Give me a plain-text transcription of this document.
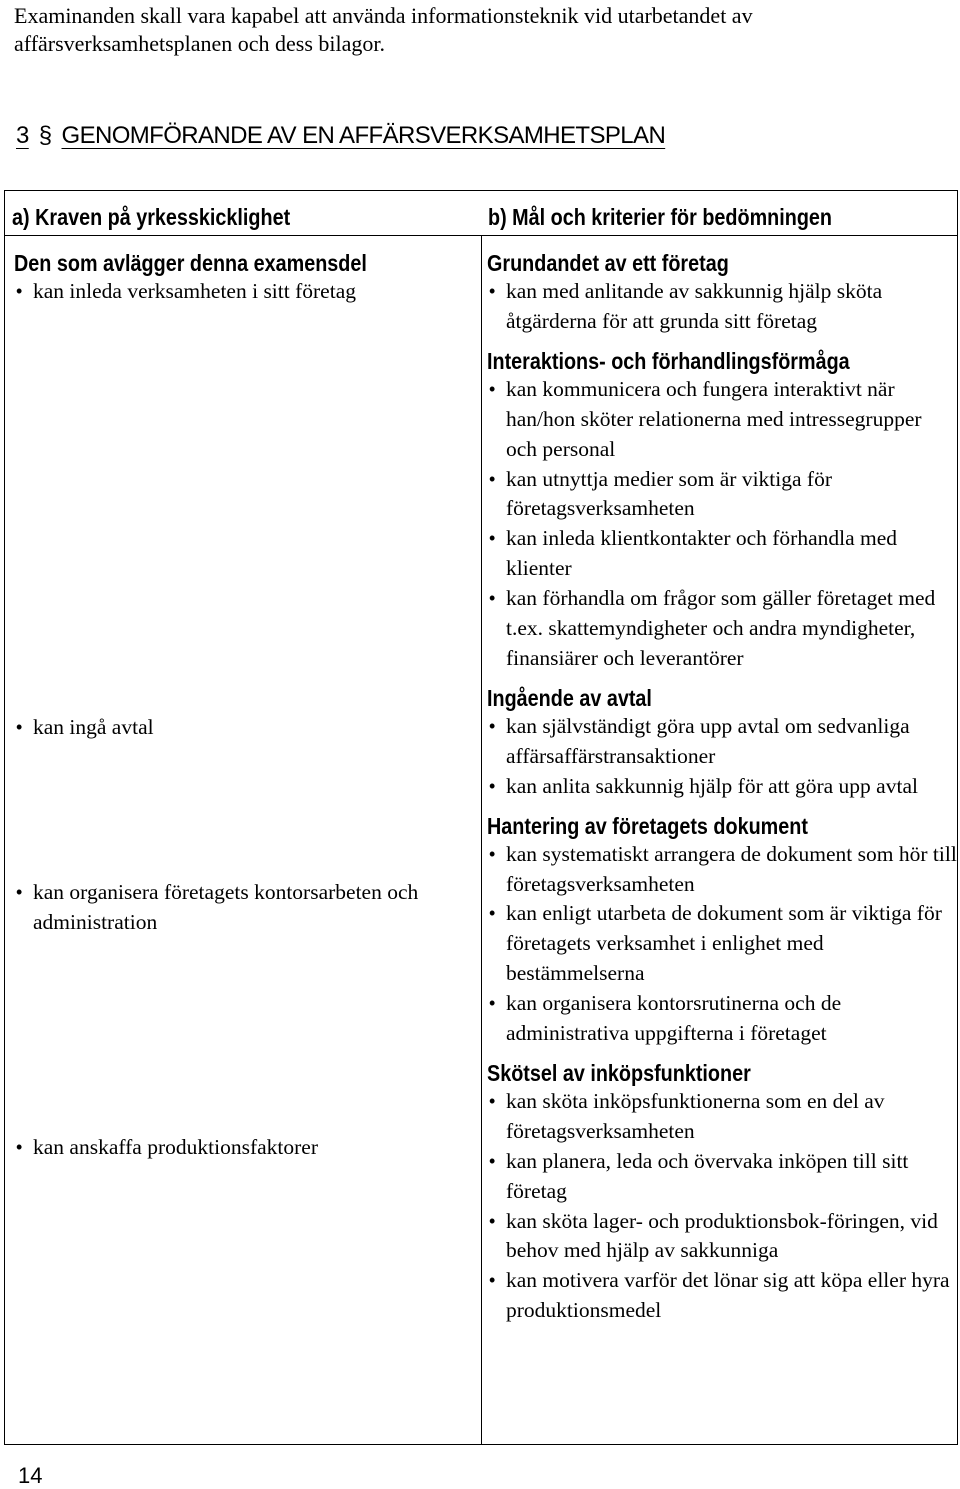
Examinanden skall vara kapabel att använda informationsteknik vid utarbetandet av affärsverksamhetsplanen och dess bilagor.
3 § GENOMFÖRANDE AV EN AFFÄRSVERKSAMHETSPLAN
a) Kraven på yrkesskicklighet	b) Mål och kriterier för bedömningen
Den som avlägger denna examensdel
• kan inleda verksamheten i sitt företag
• kan ingå avtal
• kan organisera företagets kontorsarbeten och administration
• kan anskaffa produktionsfaktorer
Grundandet av ett företag
• kan med anlitande av sakkunnig hjälp sköta åtgärderna för att grunda sitt företag
Interaktions- och förhandlingsförmåga
• kan kommunicera och fungera interaktivt när han/hon sköter relationerna med intressegrupper och personal
• kan utnyttja medier som är viktiga för företagsverksamheten
• kan inleda klientkontakter och förhandla med klienter
• kan förhandla om frågor som gäller företaget med t.ex. skattemyndigheter och andra myndigheter, finansiärer och leverantörer
Ingående av avtal
• kan självständigt göra upp avtal om sedvanliga affärsaffärstransaktioner
• kan anlita sakkunnig hjälp för att göra upp avtal
Hantering av företagets dokument
• kan systematiskt arrangera de dokument som hör till företagsverksamheten
• kan enligt utarbeta de dokument som är viktiga för företagets verksamhet i enlighet med bestämmelserna
• kan organisera kontorsrutinerna och de administrativa uppgifterna i företaget
Skötsel av inköpsfunktioner
• kan sköta inköpsfunktionerna som en del av företagsverksamheten
• kan planera, leda och övervaka inköpen till sitt företag
• kan sköta lager- och produktionsbok-föringen, vid behov med hjälp av sakkunniga
• kan motivera varför det lönar sig att köpa eller hyra produktionsmedel
14
